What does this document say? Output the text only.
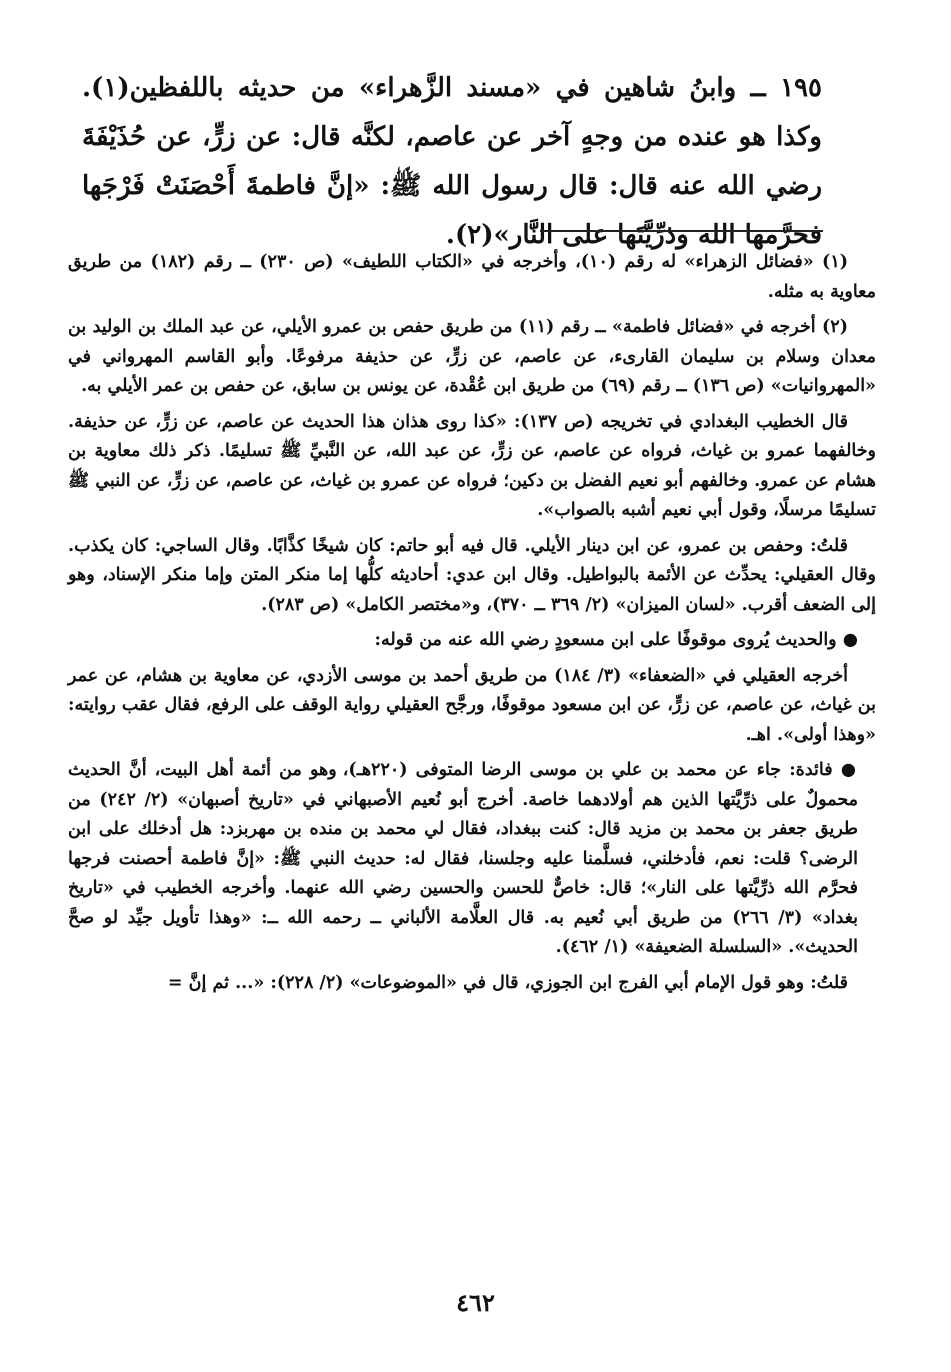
١٩٥ ــ وابنُ شاهين في «مسند الزَّهراء» من حديثه باللفظين(١). وكذا هو عنده من وجهٍ آخر عن عاصم، لكنَّه قال: عن زرٍّ، عن حُذَيْفَةَ رضي الله عنه قال: قال رسول الله ﷺ: «إنَّ فاطمةَ أَحْصَنَتْ فَرْجَها فحرَّمها الله وذرِّيَّتَها على النَّار»(٢).

(١) «فضائل الزهراء» له رقم (١٠)، وأخرجه في «الكتاب اللطيف» (ص ٢٣٠) ــ رقم (١٨٢) من طريق معاوية به مثله.

(٢) أخرجه في «فضائل فاطمة» ــ رقم (١١) من طريق حفص بن عمرو الأيلي، عن عبد الملك بن الوليد بن معدان وسلام بن سليمان القارىء، عن عاصم، عن زرٍّ، عن حذيفة مرفوعًا. وأبو القاسم المهرواني في «المهروانيات» (ص ١٣٦) ــ رقم (٦٩) من طريق ابن عُقْدة، عن يونس بن سابق، عن حفص بن عمر الأيلي به.

قال الخطيب البغدادي في تخريجه (ص ١٣٧): «كذا روى هذان هذا الحديث عن عاصم، عن زرٍّ، عن حذيفة. وخالفهما عمرو بن غياث، فرواه عن عاصم، عن زرٍّ، عن عبد الله، عن النَّبيِّ ﷺ تسليمًا. ذكر ذلك معاوية بن هشام عن عمرو. وخالفهم أبو نعيم الفضل بن دكين؛ فرواه عن عمرو بن غياث، عن عاصم، عن زرٍّ، عن النبي ﷺ تسليمًا مرسلًا، وقول أبي نعيم أشبه بالصواب».

قلتُ: وحفص بن عمرو، عن ابن دينار الأيلي. قال فيه أبو حاتم: كان شيخًا كذَّابًا. وقال الساجي: كان يكذب. وقال العقيلي: يحدِّث عن الأئمة بالبواطيل. وقال ابن عدي: أحاديثه كلُّها إما منكر المتن وإما منكر الإسناد، وهو إلى الضعف أقرب. «لسان الميزان» (٢/ ٣٦٩ ــ ٣٧٠)، و«مختصر الكامل» (ص ٢٨٣).

● والحديث يُروى موقوفًا على ابن مسعودٍ رضي الله عنه من قوله:

أخرجه العقيلي في «الضعفاء» (٣/ ١٨٤) من طريق أحمد بن موسى الأزدي، عن معاوية بن هشام، عن عمر بن غياث، عن عاصم، عن زرٍّ، عن ابن مسعود موقوفًا، ورجَّح العقيلي رواية الوقف على الرفع، فقال عقب روايته: «وهذا أولى». اهـ.

● فائدة: جاء عن محمد بن علي بن موسى الرضا المتوفى (٢٢٠هـ)، وهو من أئمة أهل البيت، أنَّ الحديث محمولٌ على ذرِّيَّتها الذين هم أولادهما خاصة. أخرج أبو نُعيم الأصبهاني في «تاريخ أصبهان» (٢/ ٢٤٢) من طريق جعفر بن محمد بن مزيد قال: كنت ببغداد، فقال لي محمد بن منده بن مهربزد: هل أدخلك على ابن الرضى؟ قلت: نعم، فأدخلني، فسلَّمنا عليه وجلسنا، فقال له: حديث النبي ﷺ: «إنَّ فاطمة أحصنت فرجها فحرَّم الله ذرِّيَّتها على النار»؛ قال: خاصٌّ للحسن والحسين رضي الله عنهما. وأخرجه الخطيب في «تاريخ بغداد» (٣/ ٢٦٦) من طريق أبي نُعيم به. قال العلَّامة الألباني ــ رحمه الله ــ: «وهذا تأويل جيِّد لو صحَّ الحديث». «السلسلة الضعيفة» (١/ ٤٦٢).

قلتُ: وهو قول الإمام أبي الفرج ابن الجوزي، قال في «الموضوعات» (٢/ ٢٢٨): «... ثم إنَّ =

٤٦٢
